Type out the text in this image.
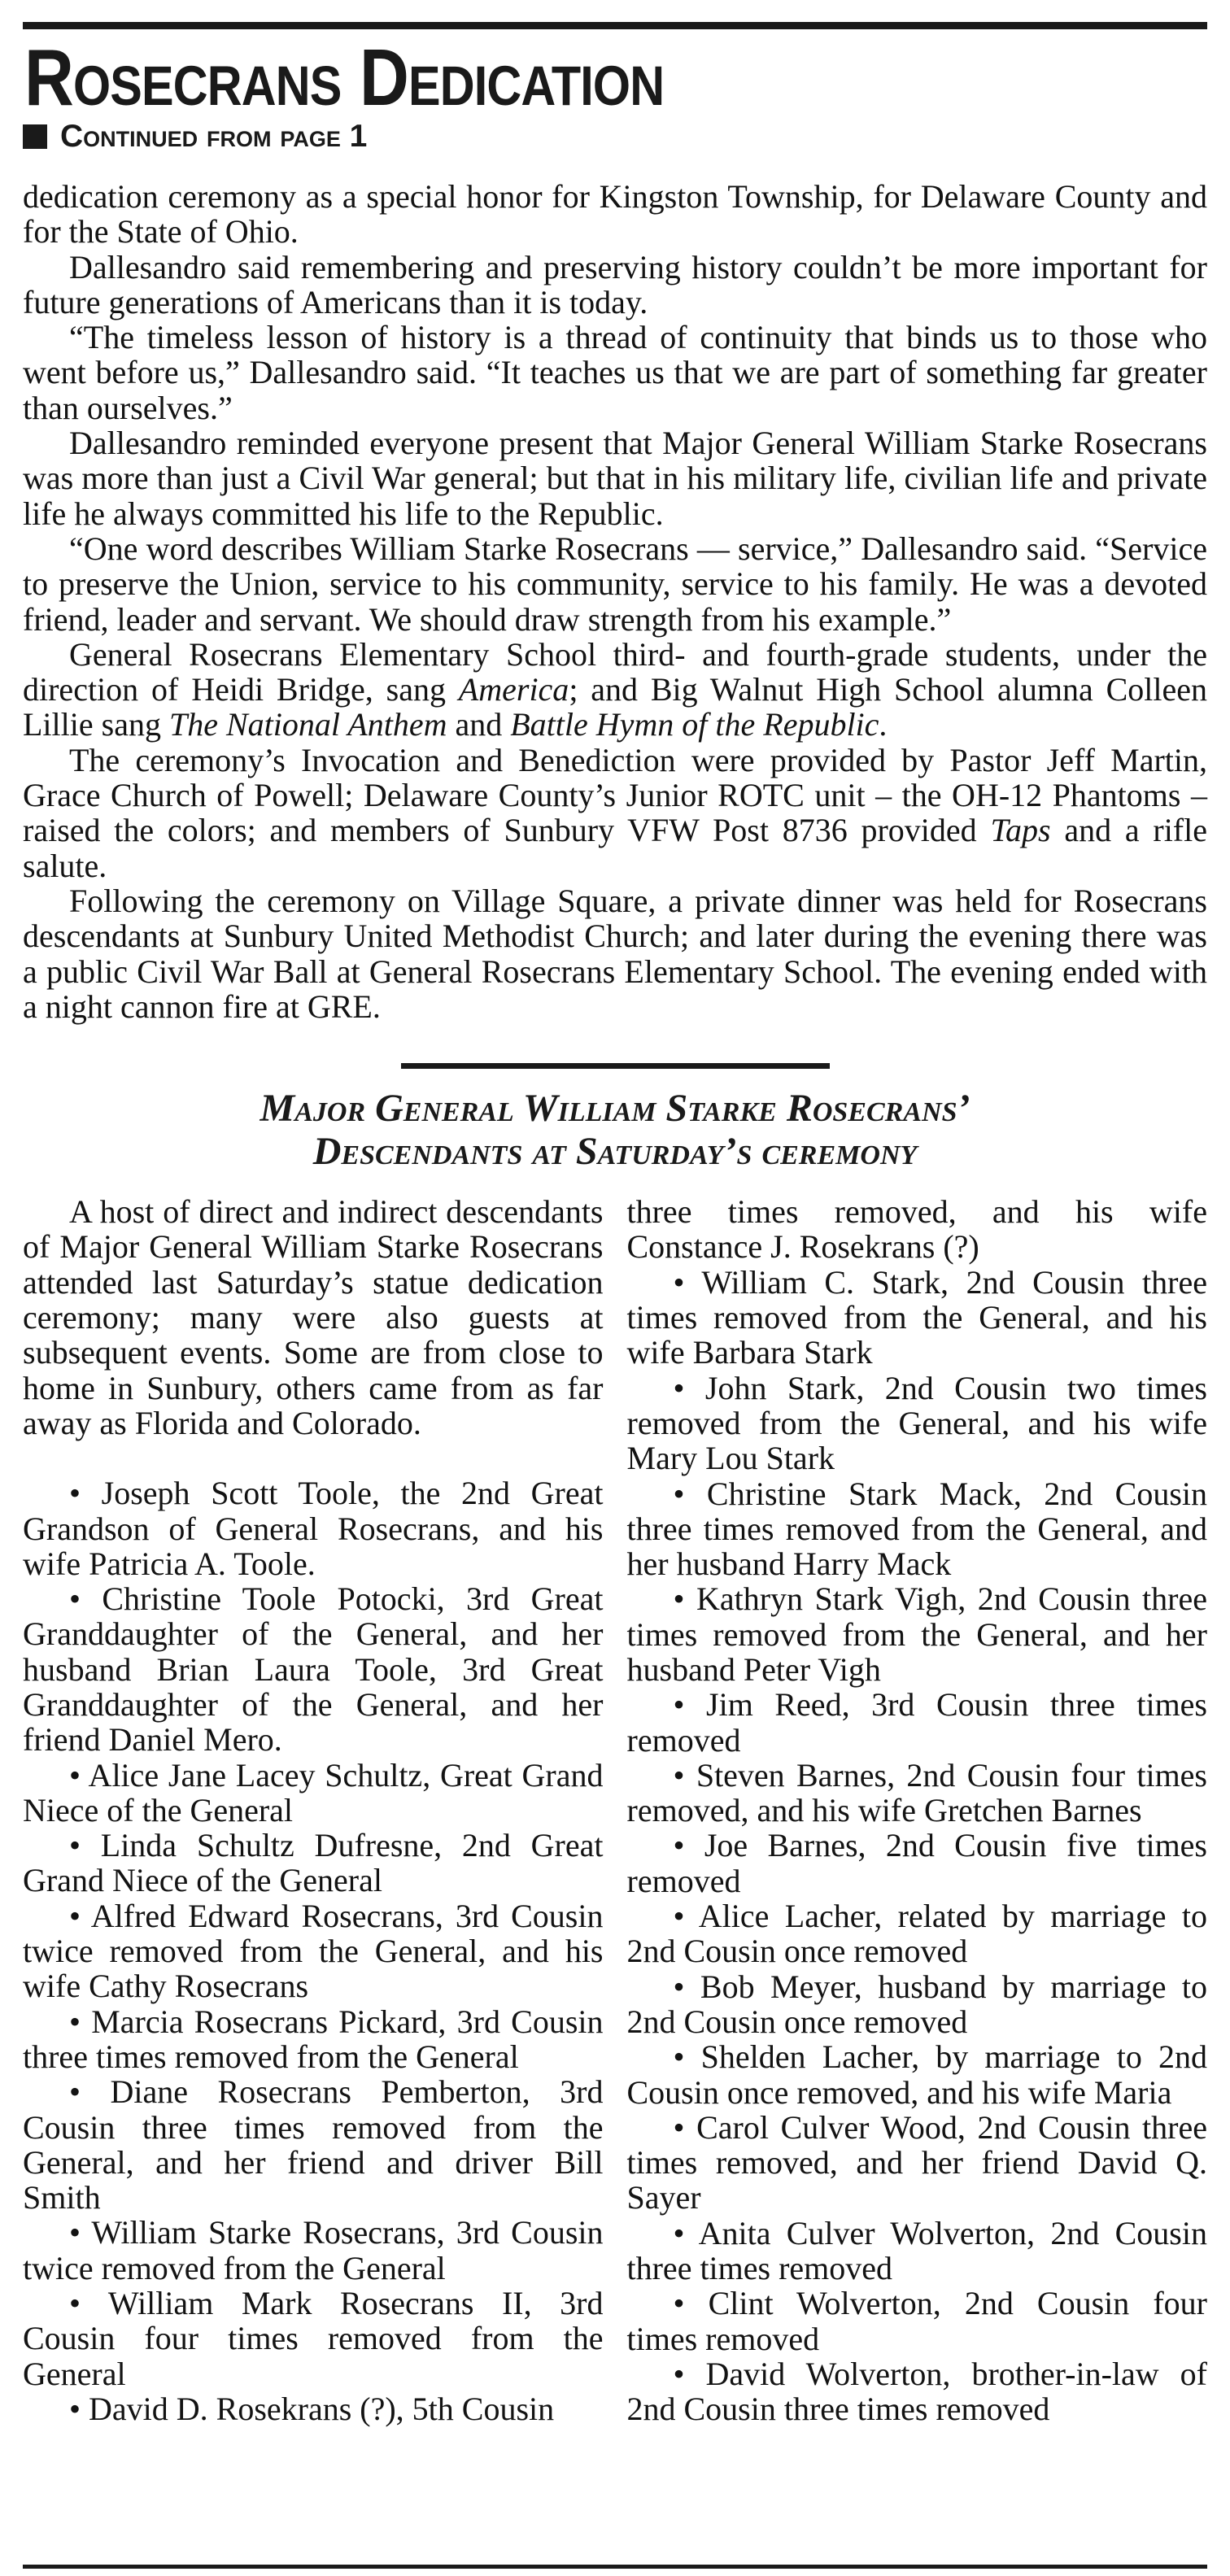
Rosecrans Dedication
Continued from page 1

dedication ceremony as a special honor for Kingston Township, for Delaware County and for the State of Ohio.

Dallesandro said remembering and preserving history couldn’t be more important for future generations of Americans than it is today.

“The timeless lesson of history is a thread of continuity that binds us to those who went before us,” Dallesandro said. “It teaches us that we are part of something far greater than ourselves.”

Dallesandro reminded everyone present that Major General William Starke Rosecrans was more than just a Civil War general; but that in his military life, civilian life and private life he always committed his life to the Republic.

“One word describes William Starke Rosecrans — service,” Dallesandro said. “Service to preserve the Union, service to his community, service to his family. He was a devoted friend, leader and servant. We should draw strength from his example.”

General Rosecrans Elementary School third- and fourth-grade students, under the direction of Heidi Bridge, sang America; and Big Walnut High School alumna Colleen Lillie sang The National Anthem and Battle Hymn of the Republic.

The ceremony’s Invocation and Benediction were provided by Pastor Jeff Martin, Grace Church of Powell; Delaware County’s Junior ROTC unit – the OH-12 Phantoms – raised the colors; and members of Sunbury VFW Post 8736 provided Taps and a rifle salute.

Following the ceremony on Village Square, a private dinner was held for Rosecrans descendants at Sunbury United Methodist Church; and later during the evening there was a public Civil War Ball at General Rosecrans Elementary School. The evening ended with a night cannon fire at GRE.

Major General William Starke Rosecrans’
Descendants at Saturday’s ceremony

A host of direct and indirect descendants of Major General William Starke Rosecrans attended last Saturday’s statue dedication ceremony; many were also guests at subsequent events. Some are from close to home in Sunbury, others came from as far away as Florida and Colorado.

• Joseph Scott Toole, the 2nd Great Grandson of General Rosecrans, and his wife Patricia A. Toole.

• Christine Toole Potocki, 3rd Great Granddaughter of the General, and her husband Brian Laura Toole, 3rd Great Granddaughter of the General, and her friend Daniel Mero.

• Alice Jane Lacey Schultz, Great Grand Niece of the General

• Linda Schultz Dufresne, 2nd Great Grand Niece of the General

• Alfred Edward Rosecrans, 3rd Cousin twice removed from the General, and his wife Cathy Rosecrans

• Marcia Rosecrans Pickard, 3rd Cousin three times removed from the General

• Diane Rosecrans Pemberton, 3rd Cousin three times removed from the General, and her friend and driver Bill Smith

• William Starke Rosecrans, 3rd Cousin twice removed from the General

• William Mark Rosecrans II, 3rd Cousin four times removed from the General

• David D. Rosekrans (?), 5th Cousin

three times removed, and his wife Constance J. Rosekrans (?)

• William C. Stark, 2nd Cousin three times removed from the General, and his wife Barbara Stark

• John Stark, 2nd Cousin two times removed from the General, and his wife Mary Lou Stark

• Christine Stark Mack, 2nd Cousin three times removed from the General, and her husband Harry Mack

• Kathryn Stark Vigh, 2nd Cousin three times removed from the General, and her husband Peter Vigh

• Jim Reed, 3rd Cousin three times removed

• Steven Barnes, 2nd Cousin four times removed, and his wife Gretchen Barnes

• Joe Barnes, 2nd Cousin five times removed

• Alice Lacher, related by marriage to 2nd Cousin once removed

• Bob Meyer, husband by marriage to 2nd Cousin once removed

• Shelden Lacher, by marriage to 2nd Cousin once removed, and his wife Maria

• Carol Culver Wood, 2nd Cousin three times removed, and her friend David Q. Sayer

• Anita Culver Wolverton, 2nd Cousin three times removed

• Clint Wolverton, 2nd Cousin four times removed

• David Wolverton, brother-in-law of 2nd Cousin three times removed
